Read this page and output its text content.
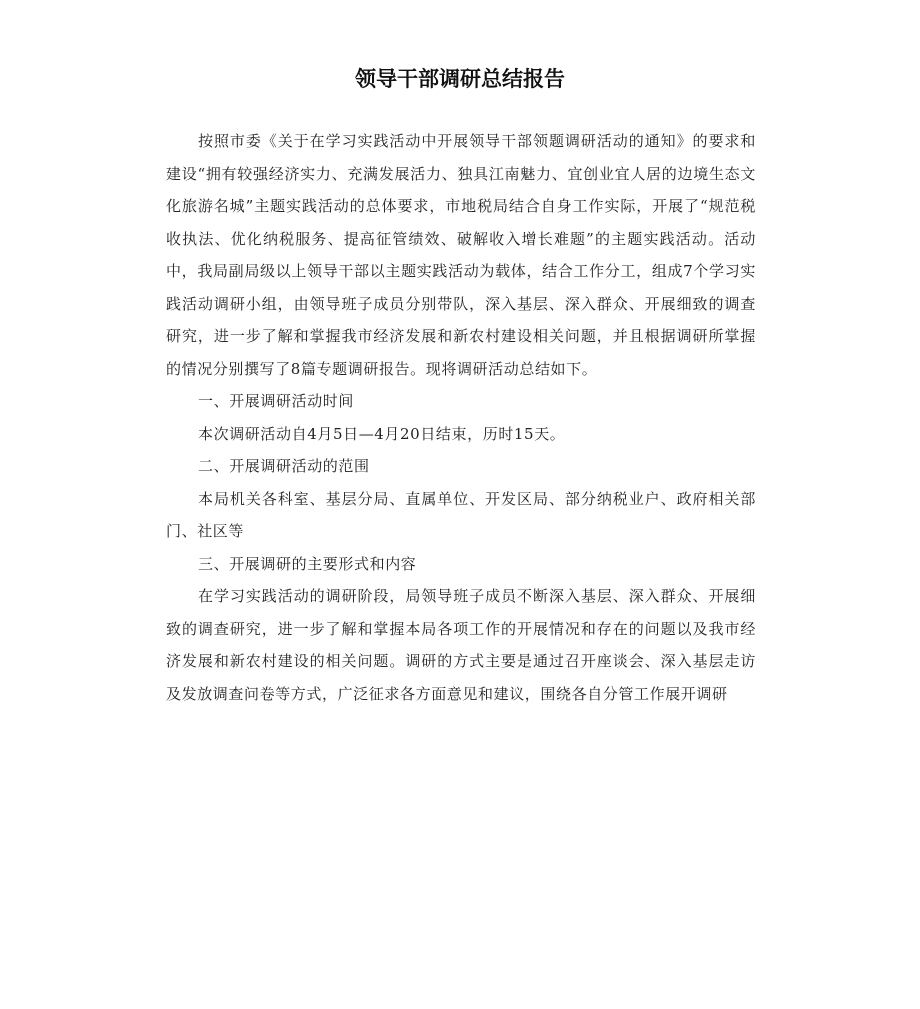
领导干部调研总结报告

按照市委《关于在学习实践活动中开展领导干部领题调研活动的通知》的要求和建设“拥有较强经济实力、充满发展活力、独具江南魅力、宜创业宜人居的边境生态文化旅游名城”主题实践活动的总体要求，市地税局结合自身工作实际，开展了“规范税收执法、优化纳税服务、提高征管绩效、破解收入增长难题”的主题实践活动。活动中，我局副局级以上领导干部以主题实践活动为载体，结合工作分工，组成7个学习实践活动调研小组，由领导班子成员分别带队，深入基层、深入群众、开展细致的调查研究，进一步了解和掌握我市经济发展和新农村建设相关问题，并且根据调研所掌握的情况分别撰写了8篇专题调研报告。现将调研活动总结如下。

一、开展调研活动时间

本次调研活动自4月5日—4月20日结束，历时15天。

二、开展调研活动的范围

本局机关各科室、基层分局、直属单位、开发区局、部分纳税业户、政府相关部门、社区等

三、开展调研的主要形式和内容

在学习实践活动的调研阶段，局领导班子成员不断深入基层、深入群众、开展细致的调查研究，进一步了解和掌握本局各项工作的开展情况和存在的问题以及我市经济发展和新农村建设的相关问题。调研的方式主要是通过召开座谈会、深入基层走访及发放调查问卷等方式，广泛征求各方面意见和建议，围绕各自分管工作展开调研
